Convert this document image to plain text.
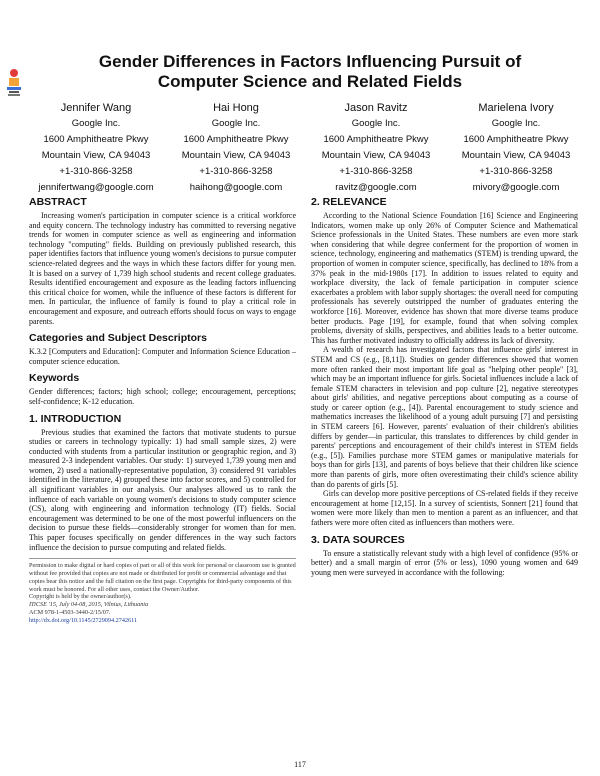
Gender Differences in Factors Influencing Pursuit of
Computer Science and Related Fields
Jennifer Wang
Google Inc.
1600 Amphitheatre Pkwy
Mountain View, CA 94043
+1-310-866-3258
jennifertwang@google.com
Hai Hong
Google Inc.
1600 Amphitheatre Pkwy
Mountain View, CA 94043
+1-310-866-3258
haihong@google.com
Jason Ravitz
Google Inc.
1600 Amphitheatre Pkwy
Mountain View, CA 94043
+1-310-866-3258
ravitz@google.com
Marielena Ivory
Google Inc.
1600 Amphitheatre Pkwy
Mountain View, CA 94043
+1-310-866-3258
mivory@google.com
ABSTRACT

Increasing women's participation in computer science is a critical workforce and equity concern. The technology industry has committed to reversing negative trends for women in computer science as well as engineering and information technology "computing" fields. Building on previously published research, this paper identifies factors that influence young women's decisions to pursue computer science-related degrees and the ways in which these factors differ for young men. It is based on a survey of 1,739 high school students and recent college graduates. Results identified encouragement and exposure as the leading factors influencing this critical choice for women, while the influence of these factors is different for men. In particular, the influence of family is found to play a critical role in encouragement and exposure, and outreach efforts should focus on ways to engage parents.

Categories and Subject Descriptors

K.3.2 [Computers and Education]: Computer and Information Science Education – computer science education.

Keywords

Gender differences; factors; high school; college; encouragement, perceptions; self-confidence; K-12 education.

1. INTRODUCTION

Previous studies that examined the factors that motivate students to pursue studies or careers in technology typically: 1) had small sample sizes, 2) were conducted with students from a particular institution or geographic region, and 3) measured 2-3 independent variables. Our study: 1) surveyed 1,739 young men and women, 2) used a nationally-representative population, 3) considered 91 variables identified in the literature, 4) grouped these into factor scores, and 5) controlled for all significant variables in our analysis. Our analyses allowed us to rank the influence of each variable on young women's decisions to study computer science (CS), along with engineering and information technology (IT) fields. Social encouragement was determined to be one of the most powerful influencers on the decision to pursue these fields—considerably stronger for women than for men. This paper focuses specifically on gender differences in the way such factors influence the decision to pursue computing and related fields.

Permission to make digital or hard copies of part or all of this work for personal or classroom use is granted without fee provided that copies are not made or distributed for profit or commercial advantage and that copies bear this notice and the full citation on the first page. Copyrights for third-party components of this work must be honored. For all other uses, contact the Owner/Author.

Copyright is held by the owner/author(s).

ITiCSE '15, July 04-08, 2015, Vilnius, Lithuania

ACM 978-1-4503-3440-2/15/07.

http://dx.doi.org/10.1145/2729094.2742611

2. RELEVANCE

According to the National Science Foundation [16] Science and Engineering Indicators, women make up only 26% of Computer Science and Mathematical Science professionals in the United States. These numbers are even more stark when considering that while degree conferment for the proportion of women in science, technology, engineering and mathematics (STEM) is trending upward, the proportion of women in computer science, specifically, has declined to 18% from a 37% peak in the mid-1980s [17]. In addition to issues related to equity and workplace diversity, the lack of female participation in computer science exacerbates a problem with labor supply shortages: the overall need for computing professionals has severely outstripped the number of graduates entering the workforce [16]. Moreover, evidence has shown that more diverse teams produce better products. Page [19], for example, found that when solving complex problems, diversity of skills, perspectives, and abilities leads to a better outcome. This has further motivated industry to officially address its lack of diversity.

A wealth of research has investigated factors that influence girls' interest in STEM and CS (e.g., [8,11]). Studies on gender differences showed that women more often ranked their most important life goal as "helping other people" [3], which may be an important influence for girls. Societal influences include a lack of female STEM characters in television and pop culture [2], negative stereotypes about girls' abilities, and negative perceptions about computing as a course of study or career option (e.g., [4]). Parental encouragement to study science and mathematics increases the likelihood of a young adult pursuing [7] and persisting in STEM careers [6]. However, parents' evaluation of their children's abilities differs by gender—in particular, this translates to differences by child gender in parents' perceptions and encouragement of their child's interest in STEM fields (e.g., [5]). Families purchase more STEM games or manipulative materials for boys than for girls [13], and parents of boys believe that their children like science more than parents of girls, more often overestimating their child's science ability than do parents of girls [5].

Girls can develop more positive perceptions of CS-related fields if they receive encouragement at home [12,15]. In a survey of scientists, Sonnert [21] found that women were more likely than men to mention a parent as an influencer, and that fathers were more often cited as influencers than mothers were.

3. DATA SOURCES

To ensure a statistically relevant study with a high level of confidence (95% or better) and a small margin of error (5% or less), 1090 young women and 649 young men were surveyed in accordance with the following:

117
